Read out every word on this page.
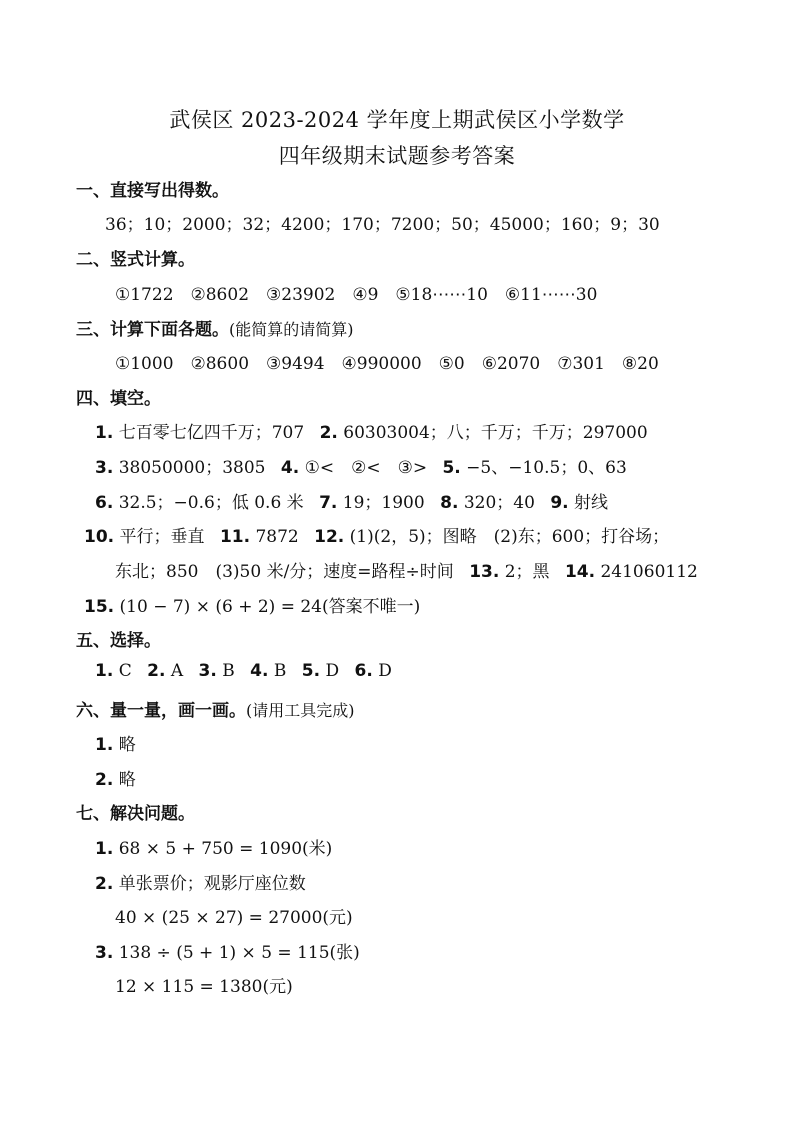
武侯区 2023-2024 学年度上期武侯区小学数学
四年级期末试题参考答案
一、直接写出得数。
36；10；2000；32；4200；170；7200；50；45000；160；9；30
二、竖式计算。
①1722　②8602　③23902　④9　⑤18⋯⋯10　⑥11⋯⋯30
三、计算下面各题。(能简算的请简算)
①1000　②8600　③9494　④990000　⑤0　⑥2070　⑦301　⑧20
四、填空。
1. 七百零七亿四千万；707 2. 60303004；八；千万；千万；297000
3. 38050000；3805 4. ①<　②<　③> 5. −5、−10.5；0、63
6. 32.5；−0.6；低 0.6 米 7. 19；1900 8. 320；40 9. 射线
10. 平行；垂直 11. 7872 12. (1)(2，5)；图略　(2)东；600；打谷场；
东北；850　(3)50 米/分；速度=路程÷时间 13. 2；黑 14. 241060112
15. (10 − 7) × (6 + 2) = 24(答案不唯一)
五、选择。
1. C 2. A 3. B 4. B 5. D 6. D
六、量一量，画一画。(请用工具完成)
1. 略
2. 略
七、解决问题。
1. 68 × 5 + 750 = 1090(米)
2. 单张票价；观影厅座位数
40 × (25 × 27) = 27000(元)
3. 138 ÷ (5 + 1) × 5 = 115(张)
12 × 115 = 1380(元)
